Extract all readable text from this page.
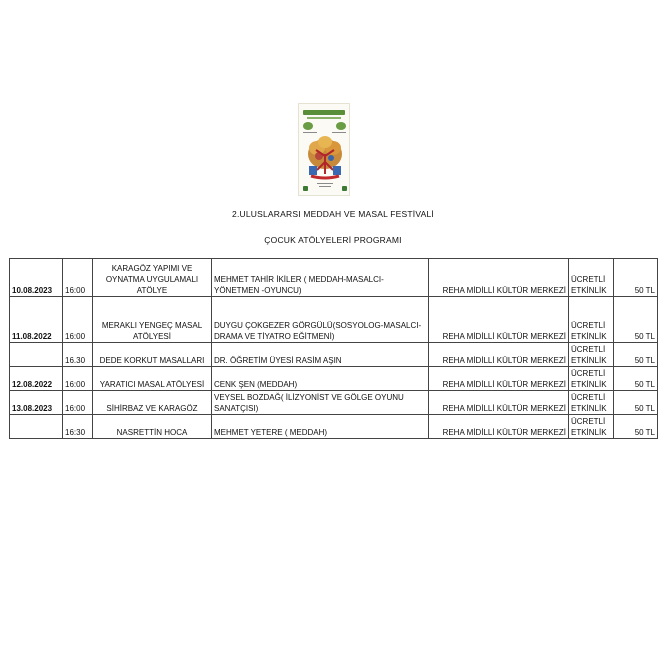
2.ULUSLARARSI MEDDAH VE MASAL FESTİVALİ
ÇOCUK ATÖLYELERİ PROGRAMI
10.08.2023	16:00	KARAGÖZ YAPIMI VE OYNATMA UYGULAMALI ATÖLYE	MEHMET TAHİR İKİLER ( MEDDAH-MASALCI-YÖNETMEN -OYUNCU)	REHA MİDİLLİ KÜLTÜR MERKEZİ	ÜCRETLİ ETKİNLİK	50 TL
11.08.2022	16:00	MERAKLI YENGEÇ MASAL ATÖLYESİ	DUYGU ÇOKGEZER GÖRGÜLÜ(SOSYOLOG-MASALCI-DRAMA VE TİYATRO EĞİTMENİ)	REHA MİDİLLİ KÜLTÜR MERKEZİ	ÜCRETLİ ETKİNLİK	50 TL
	16.30	DEDE KORKUT MASALLARI	DR. ÖĞRETİM ÜYESİ RASİM AŞIN	REHA MİDİLLİ KÜLTÜR MERKEZİ	ÜCRETLİ ETKİNLİK	50 TL
12.08.2022	16:00	YARATICI MASAL ATÖLYESİ	CENK ŞEN (MEDDAH)	REHA MİDİLLİ KÜLTÜR MERKEZİ	ÜCRETLİ ETKİNLİK	50 TL
13.08.2023	16:00	SİHİRBAZ VE KARAGÖZ	VEYSEL BOZDAĞ( İLİZYONİST VE GÖLGE OYUNU SANATÇISI)	REHA MİDİLLİ KÜLTÜR MERKEZİ	ÜCRETLİ ETKİNLİK	50 TL
	16:30	NASRETTİN HOCA	MEHMET YETERE ( MEDDAH)	REHA MİDİLLİ KÜLTÜR MERKEZİ	ÜCRETLİ ETKİNLİK	50 TL
